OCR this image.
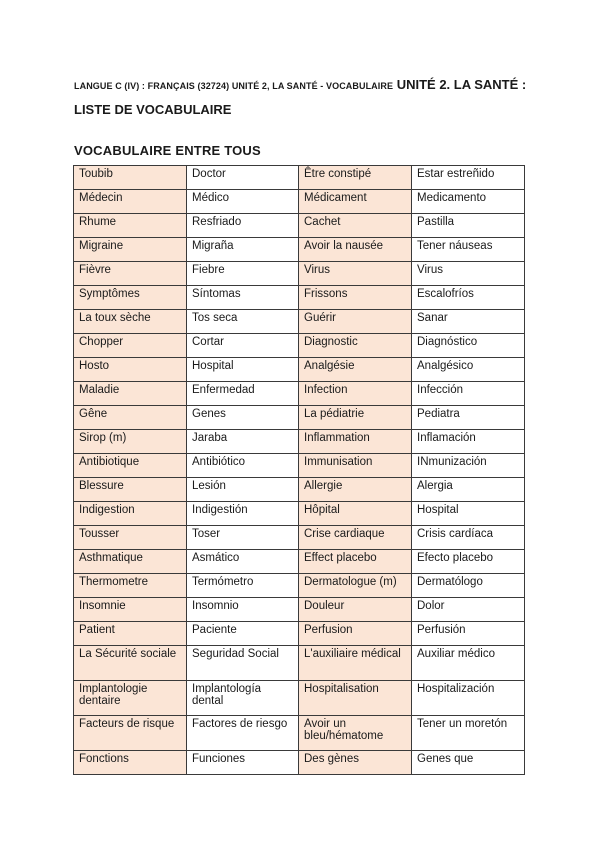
LANGUE C (IV) : FRANÇAIS (32724) UNITÉ 2, LA SANTÉ - VOCABULAIRE UNITÉ 2. LA SANTÉ : LISTE DE VOCABULAIRE
VOCABULAIRE ENTRE TOUS
Toubib	Doctor	Être constipé	Estar estreñido
Médecin	Médico	Médicament	Medicamento
Rhume	Resfriado	Cachet	Pastilla
Migraine	Migraña	Avoir la nausée	Tener náuseas
Fièvre	Fiebre	Virus	Virus
Symptômes	Síntomas	Frissons	Escalofríos
La toux sèche	Tos seca	Guérir	Sanar
Chopper	Cortar	Diagnostic	Diagnóstico
Hosto	Hospital	Analgésie	Analgésico
Maladie	Enfermedad	Infection	Infección
Gêne	Genes	La pédiatrie	Pediatra
Sirop (m)	Jaraba	Inflammation	Inflamación
Antibiotique	Antibiótico	Immunisation	INmunización
Blessure	Lesión	Allergie	Alergia
Indigestion	Indigestión	Hôpital	Hospital
Tousser	Toser	Crise cardiaque	Crisis cardíaca
Asthmatique	Asmático	Effect placebo	Efecto placebo
Thermometre	Termómetro	Dermatologue (m)	Dermatólogo
Insomnie	Insomnio	Douleur	Dolor
Patient	Paciente	Perfusion	Perfusión
La Sécurité sociale	Seguridad Social	L'auxiliaire médical	Auxiliar médico
Implantologie dentaire	Implantología dental	Hospitalisation	Hospitalización
Facteurs de risque	Factores de riesgo	Avoir un bleu/hématome	Tener un moretón
Fonctions	Funciones	Des gènes	Genes que
